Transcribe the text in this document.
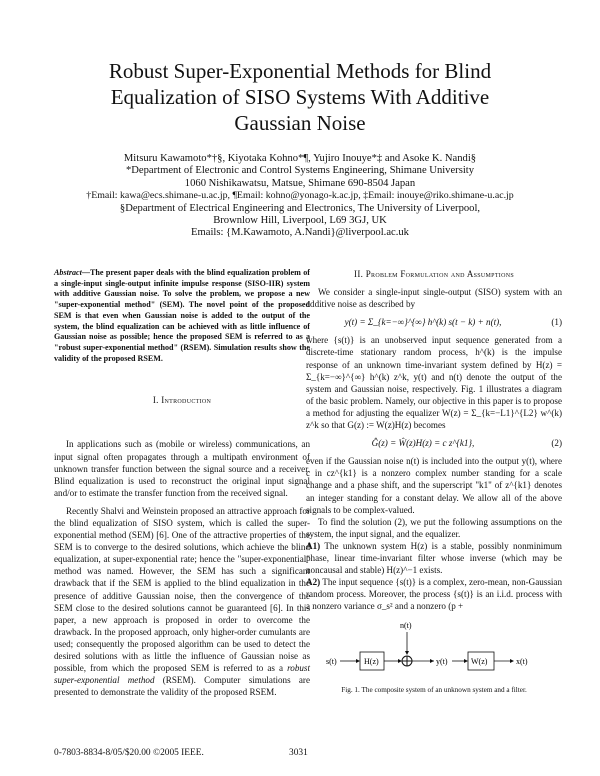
Robust Super-Exponential Methods for Blind
Equalization of SISO Systems With Additive
Gaussian Noise
Mitsuru Kawamoto*†§, Kiyotaka Kohno*¶, Yujiro Inouye*‡ and Asoke K. Nandi§
*Department of Electronic and Control Systems Engineering, Shimane University
1060 Nishikawatsu, Matsue, Shimane 690-8504 Japan
†Email: kawa@ecs.shimane-u.ac.jp, ¶Email: kohno@yonago-k.ac.jp, ‡Email: inouye@riko.shimane-u.ac.jp
§Department of Electrical Engineering and Electronics, The University of Liverpool,
Brownlow Hill, Liverpool, L69 3GJ, UK
Emails: {M.Kawamoto, A.Nandi}@liverpool.ac.uk
Abstract—The present paper deals with the blind equalization problem of a single-input single-output infinite impulse response (SISO-IIR) system with additive Gaussian noise. To solve the problem, we propose a new "super-exponential method" (SEM). The novel point of the proposed SEM is that even when Gaussian noise is added to the output of the system, the blind equalization can be achieved with as little influence of Gaussian noise as possible; hence the proposed SEM is referred to as a "robust super-exponential method" (RSEM). Simulation results show the validity of the proposed RSEM.
I. Introduction

In applications such as (mobile or wireless) communications, an input signal often propagates through a multipath environment of unknown transfer function between the signal source and a receiver. Blind equalization is used to reconstruct the original input signal and/or to estimate the transfer function from the received signal.

Recently Shalvi and Weinstein proposed an attractive approach for the blind equalization of SISO system, which is called the super-exponential method (SEM) [6]. One of the attractive properties of the SEM is to converge to the desired solutions, which achieve the blind equalization, at super-exponential rate; hence the "super-exponential" method was named. However, the SEM has such a significant drawback that if the SEM is applied to the blind equalization in the presence of additive Gaussian noise, then the convergence of the SEM close to the desired solutions cannot be guaranteed [6]. In this paper, a new approach is proposed in order to overcome the drawback. In the proposed approach, only higher-order cumulants are used; consequently the proposed algorithm can be used to detect the desired solutions with as little the influence of Gaussian noise as possible, from which the proposed SEM is referred to as a robust super-exponential method (RSEM). Computer simulations are presented to demonstrate the validity of the proposed RSEM.

II. Problem Formulation and Assumptions

We consider a single-input single-output (SISO) system with an additive noise as described by

y(t) = Σ_{k=−∞}^{∞} h^(k) s(t − k) + n(t),	(1)

where {s(t)} is an unobserved input sequence generated from a discrete-time stationary random process, h^(k) is the impulse response of an unknown time-invariant system defined by H(z) = Σ_{k=−∞}^{∞} h^(k) z^k, y(t) and n(t) denote the output of the system and Gaussian noise, respectively. Fig. 1 illustrates a diagram of the basic problem. Namely, our objective in this paper is to propose a method for adjusting the equalizer W(z) = Σ_{k=−L1}^{L2} w^(k) z^k so that G(z) := W(z)H(z) becomes

Ĝ(z) = Ŵ(z)H(z) = c z^{k1},	(2)

even if the Gaussian noise n(t) is included into the output y(t), where c in cz^{k1} is a nonzero complex number standing for a scale change and a phase shift, and the superscript "k1" of z^{k1} denotes an integer standing for a constant delay. We allow all of the above signals to be complex-valued.

To find the solution (2), we put the following assumptions on the system, the input signal, and the equalizer.

A1) The unknown system H(z) is a stable, possibly nonminimum phase, linear time-invariant filter whose inverse (which may be noncausal and stable) H(z)^−1 exists.

A2) The input sequence {s(t)} is a complex, zero-mean, non-Gaussian random process. Moreover, the process {s(t)} is an i.i.d. process with a nonzero variance σ_s² and a nonzero (p +

s(t)	H(z)
n(t)
y(t)	W(z)	x(t)
Fig. 1. The composite system of an unknown system and a filter.
0-7803-8834-8/05/$20.00 ©2005 IEEE.	3031
